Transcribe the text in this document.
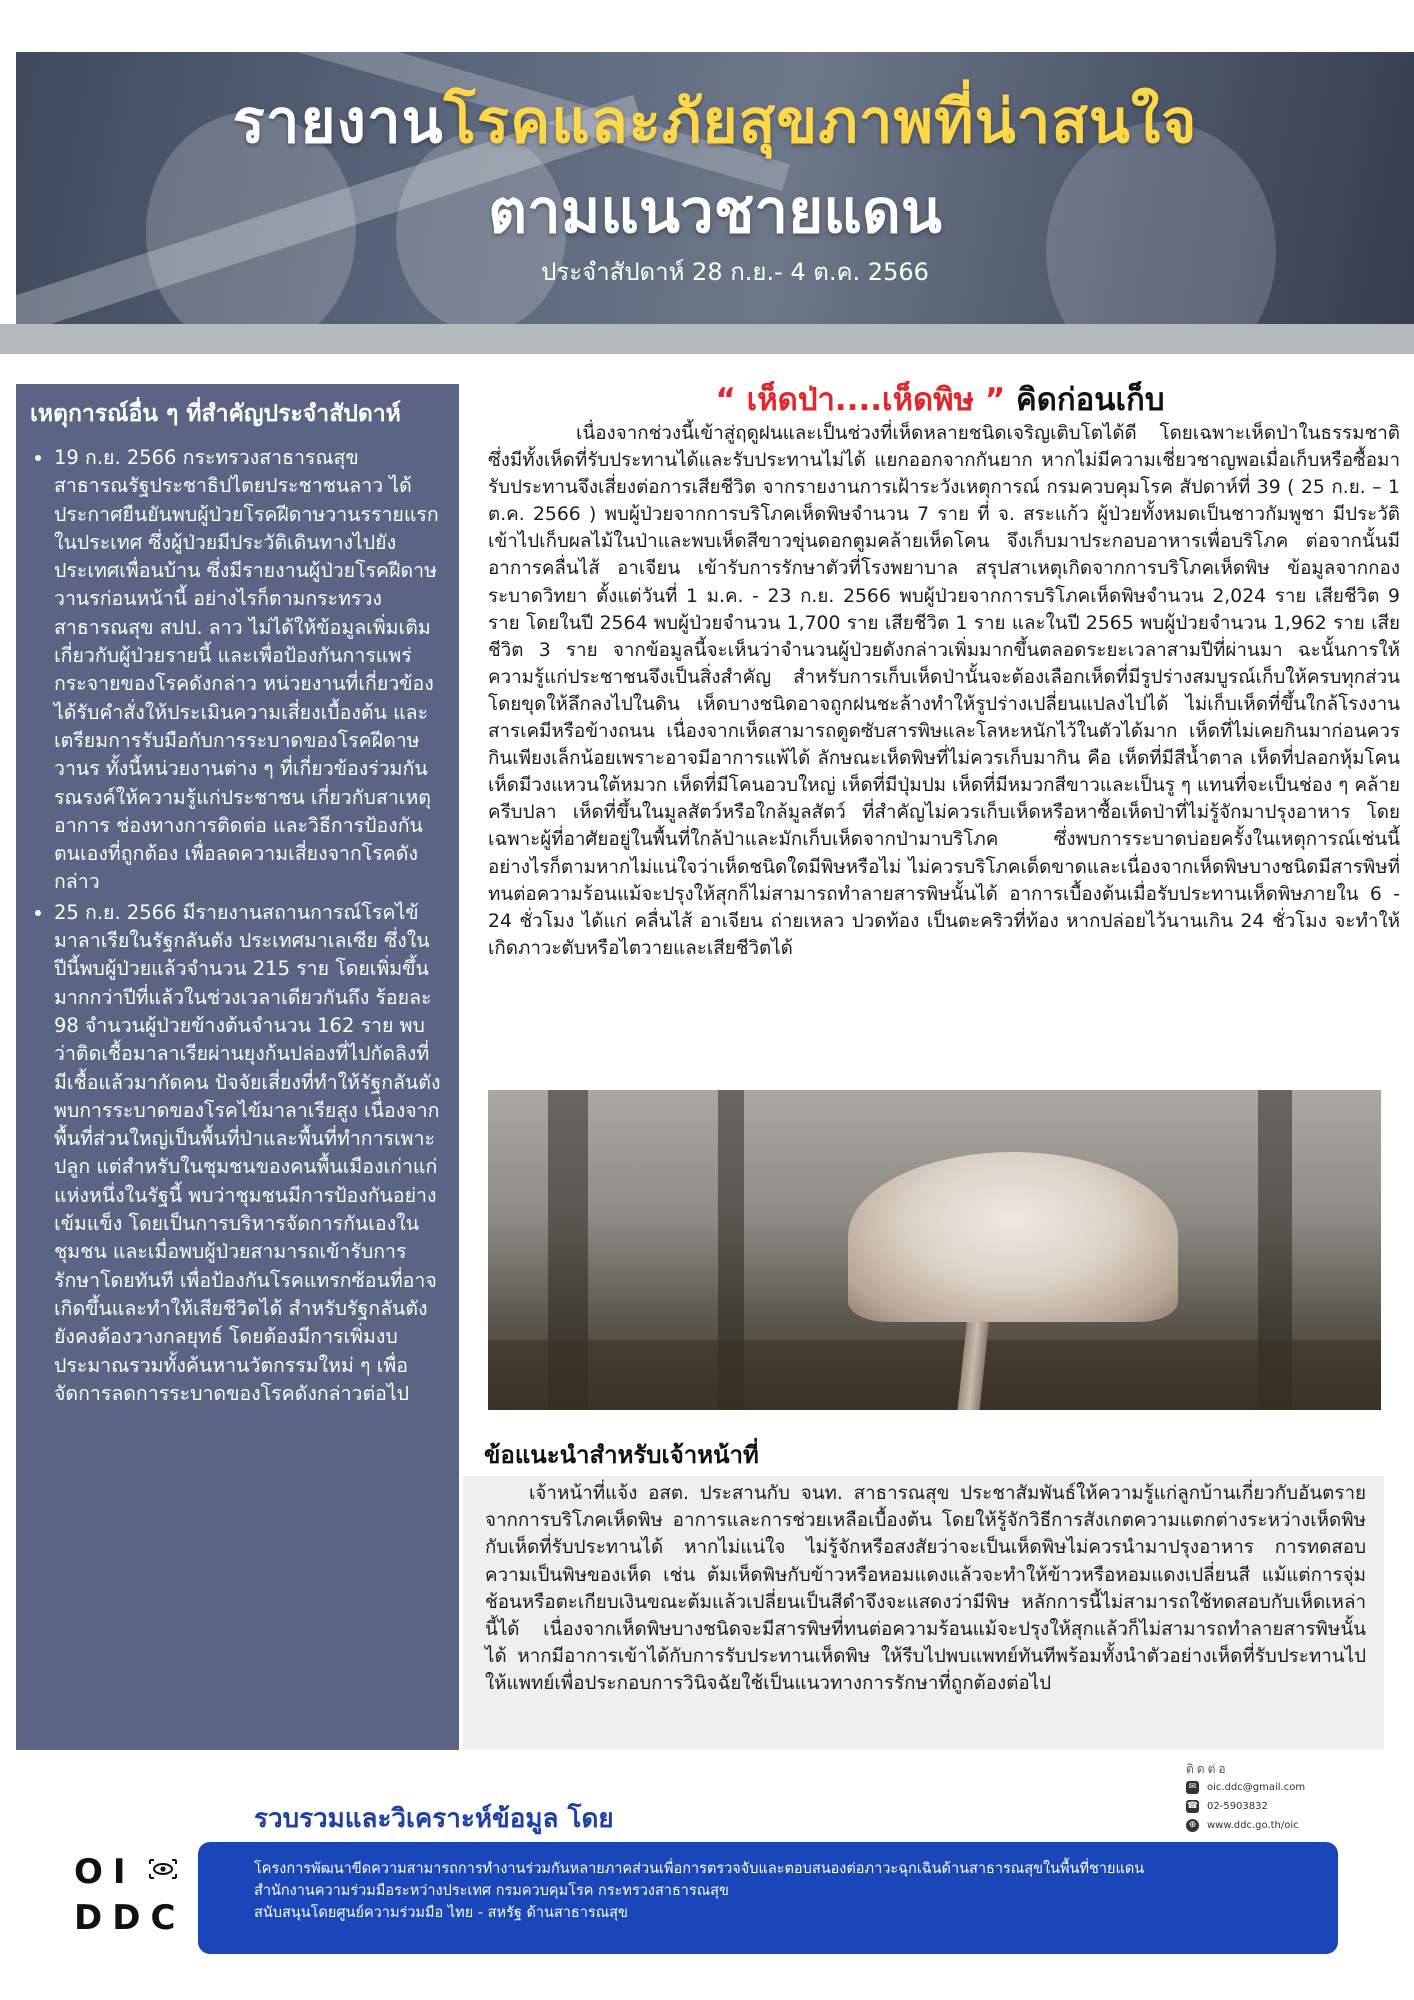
รายงานโรคและภัยสุขภาพที่น่าสนใจ
ตามแนวชายแดน
ประจำสัปดาห์ 28 ก.ย.- 4 ต.ค. 2566
เหตุการณ์อื่น ๆ ที่สำคัญประจำสัปดาห์
• 19 ก.ย. 2566 กระทรวงสาธารณสุขสาธารณรัฐประชาธิปไตยประชาชนลาว ได้ประกาศยืนยันพบผู้ป่วยโรคฝีดาษวานรรายแรกในประเทศ ซึ่งผู้ป่วยมีประวัติเดินทางไปยังประเทศเพื่อนบ้าน ซึ่งมีรายงานผู้ป่วยโรคฝีดาษวานรก่อนหน้านี้ อย่างไรก็ตามกระทรวงสาธารณสุข สปป. ลาว ไม่ได้ให้ข้อมูลเพิ่มเติมเกี่ยวกับผู้ป่วยรายนี้ และเพื่อป้องกันการแพร่กระจายของโรคดังกล่าว หน่วยงานที่เกี่ยวข้องได้รับคำสั่งให้ประเมินความเสี่ยงเบื้องต้น และเตรียมการรับมือกับการระบาดของโรคฝีดาษวานร ทั้งนี้หน่วยงานต่าง ๆ ที่เกี่ยวข้องร่วมกันรณรงค์ให้ความรู้แก่ประชาชน เกี่ยวกับสาเหตุ อาการ ช่องทางการติดต่อ และวิธีการป้องกันตนเองที่ถูกต้อง เพื่อลดความเสี่ยงจากโรคดังกล่าว
• 25 ก.ย. 2566 มีรายงานสถานการณ์โรคไข้มาลาเรียในรัฐกลันตัง ประเทศมาเลเซีย ซึ่งในปีนี้พบผู้ป่วยแล้วจำนวน 215 ราย โดยเพิ่มขึ้นมากกว่าปีที่แล้วในช่วงเวลาเดียวกันถึง ร้อยละ 98 จำนวนผู้ป่วยข้างต้นจำนวน 162 ราย พบว่าติดเชื้อมาลาเรียผ่านยุงก้นปล่องที่ไปกัดลิงที่มีเชื้อแล้วมากัดคน ปัจจัยเสี่ยงที่ทำให้รัฐกลันตังพบการระบาดของโรคไข้มาลาเรียสูง เนื่องจากพื้นที่ส่วนใหญ่เป็นพื้นที่ป่าและพื้นที่ทำการเพาะปลูก แต่สำหรับในชุมชนของคนพื้นเมืองเก่าแก่แห่งหนึ่งในรัฐนี้ พบว่าชุมชนมีการป้องกันอย่างเข้มแข็ง โดยเป็นการบริหารจัดการกันเองในชุมชน และเมื่อพบผู้ป่วยสามารถเข้ารับการรักษาโดยทันที เพื่อป้องกันโรคแทรกซ้อนที่อาจเกิดขึ้นและทำให้เสียชีวิตได้ สำหรับรัฐกลันตังยังคงต้องวางกลยุทธ์ โดยต้องมีการเพิ่มงบประมาณรวมทั้งค้นหานวัตกรรมใหม่ ๆ เพื่อจัดการลดการระบาดของโรคดังกล่าวต่อไป
“ เห็ดป่า....เห็ดพิษ ” คิดก่อนเก็บ

เนื่องจากช่วงนี้เข้าสู่ฤดูฝนและเป็นช่วงที่เห็ดหลายชนิดเจริญเติบโตได้ดี โดยเฉพาะเห็ดป่าในธรรมชาติ ซึ่งมีทั้งเห็ดที่รับประทานได้และรับประทานไม่ได้ แยกออกจากกันยาก หากไม่มีความเชี่ยวชาญพอเมื่อเก็บหรือซื้อมารับประทานจึงเสี่ยงต่อการเสียชีวิต จากรายงานการเฝ้าระวังเหตุการณ์ กรมควบคุมโรค สัปดาห์ที่ 39 ( 25 ก.ย. – 1 ต.ค. 2566 ) พบผู้ป่วยจากการบริโภคเห็ดพิษจำนวน 7 ราย ที่ จ. สระแก้ว ผู้ป่วยทั้งหมดเป็นชาวกัมพูชา มีประวัติเข้าไปเก็บผลไม้ในป่าและพบเห็ดสีขาวขุ่นดอกตูมคล้ายเห็ดโคน จึงเก็บมาประกอบอาหารเพื่อบริโภค ต่อจากนั้นมีอาการคลื่นไส้ อาเจียน เข้ารับการรักษาตัวที่โรงพยาบาล สรุปสาเหตุเกิดจากการบริโภคเห็ดพิษ ข้อมูลจากกองระบาดวิทยา ตั้งแต่วันที่ 1 ม.ค. - 23 ก.ย. 2566 พบผู้ป่วยจากการบริโภคเห็ดพิษจำนวน 2,024 ราย เสียชีวิต 9 ราย โดยในปี 2564 พบผู้ป่วยจำนวน 1,700 ราย เสียชีวิต 1 ราย และในปี 2565 พบผู้ป่วยจำนวน 1,962 ราย เสียชีวิต 3 ราย จากข้อมูลนี้จะเห็นว่าจำนวนผู้ป่วยดังกล่าวเพิ่มมากขึ้นตลอดระยะเวลาสามปีที่ผ่านมา ฉะนั้นการให้ความรู้แก่ประชาชนจึงเป็นสิ่งสำคัญ สำหรับการเก็บเห็ดป่านั้นจะต้องเลือกเห็ดที่มีรูปร่างสมบูรณ์เก็บให้ครบทุกส่วนโดยขุดให้ลึกลงไปในดิน เห็ดบางชนิดอาจถูกฝนชะล้างทำให้รูปร่างเปลี่ยนแปลงไปได้ ไม่เก็บเห็ดที่ขึ้นใกล้โรงงานสารเคมีหรือข้างถนน เนื่องจากเห็ดสามารถดูดซับสารพิษและโลหะหนักไว้ในตัวได้มาก เห็ดที่ไม่เคยกินมาก่อนควรกินเพียงเล็กน้อยเพราะอาจมีอาการแพ้ได้ ลักษณะเห็ดพิษที่ไม่ควรเก็บมากิน คือ เห็ดที่มีสีน้ำตาล เห็ดที่ปลอกหุ้มโคนเห็ดมีวงแหวนใต้หมวก เห็ดที่มีโคนอวบใหญ่ เห็ดที่มีปุ่มปม เห็ดที่มีหมวกสีขาวและเป็นรู ๆ แทนที่จะเป็นช่อง ๆ คล้ายครีบปลา เห็ดที่ขึ้นในมูลสัตว์หรือใกล้มูลสัตว์ ที่สำคัญไม่ควรเก็บเห็ดหรือหาซื้อเห็ดป่าที่ไม่รู้จักมาปรุงอาหาร โดยเฉพาะผู้ที่อาศัยอยู่ในพื้นที่ใกล้ป่าและมักเก็บเห็ดจากป่ามาบริโภค ซึ่งพบการระบาดบ่อยครั้งในเหตุการณ์เช่นนี้ อย่างไรก็ตามหากไม่แน่ใจว่าเห็ดชนิดใดมีพิษหรือไม่ ไม่ควรบริโภคเด็ดขาดและเนื่องจากเห็ดพิษบางชนิดมีสารพิษที่ทนต่อความร้อนแม้จะปรุงให้สุกก็ไม่สามารถทำลายสารพิษนั้นได้ อาการเบื้องต้นเมื่อรับประทานเห็ดพิษภายใน 6 - 24 ชั่วโมง ได้แก่ คลื่นไส้ อาเจียน ถ่ายเหลว ปวดท้อง เป็นตะคริวที่ท้อง หากปล่อยไว้นานเกิน 24 ชั่วโมง จะทำให้เกิดภาวะตับหรือไตวายและเสียชีวิตได้

ข้อแนะนำสำหรับเจ้าหน้าที่

เจ้าหน้าที่แจ้ง อสต. ประสานกับ จนท. สาธารณสุข ประชาสัมพันธ์ให้ความรู้แก่ลูกบ้านเกี่ยวกับอันตรายจากการบริโภคเห็ดพิษ อาการและการช่วยเหลือเบื้องต้น โดยให้รู้จักวิธีการสังเกตความแตกต่างระหว่างเห็ดพิษกับเห็ดที่รับประทานได้ หากไม่แน่ใจ ไม่รู้จักหรือสงสัยว่าจะเป็นเห็ดพิษไม่ควรนำมาปรุงอาหาร การทดสอบความเป็นพิษของเห็ด เช่น ต้มเห็ดพิษกับข้าวหรือหอมแดงแล้วจะทำให้ข้าวหรือหอมแดงเปลี่ยนสี แม้แต่การจุ่มช้อนหรือตะเกียบเงินขณะต้มแล้วเปลี่ยนเป็นสีดำจึงจะแสดงว่ามีพิษ หลักการนี้ไม่สามารถใช้ทดสอบกับเห็ดเหล่านี้ได้ เนื่องจากเห็ดพิษบางชนิดจะมีสารพิษที่ทนต่อความร้อนแม้จะปรุงให้สุกแล้วก็ไม่สามารถทำลายสารพิษนั้นได้ หากมีอาการเข้าได้กับการรับประทานเห็ดพิษ ให้รีบไปพบแพทย์ทันทีพร้อมทั้งนำตัวอย่างเห็ดที่รับประทานไปให้แพทย์เพื่อประกอบการวินิจฉัยใช้เป็นแนวทางการรักษาที่ถูกต้องต่อไป

ติดต่อ
✉ oic.ddc@gmail.com
☎ 02-5903832
⊕ www.ddc.go.th/oic
รวบรวมและวิเคราะห์ข้อมูล โดย
OI
DDC
โครงการพัฒนาขีดความสามารถการทำงานร่วมกันหลายภาคส่วนเพื่อการตรวจจับและตอบสนองต่อภาวะฉุกเฉินด้านสาธารณสุขในพื้นที่ชายแดน
สำนักงานความร่วมมือระหว่างประเทศ กรมควบคุมโรค กระทรวงสาธารณสุข
สนับสนุนโดยศูนย์ความร่วมมือ ไทย - สหรัฐ ด้านสาธารณสุข
